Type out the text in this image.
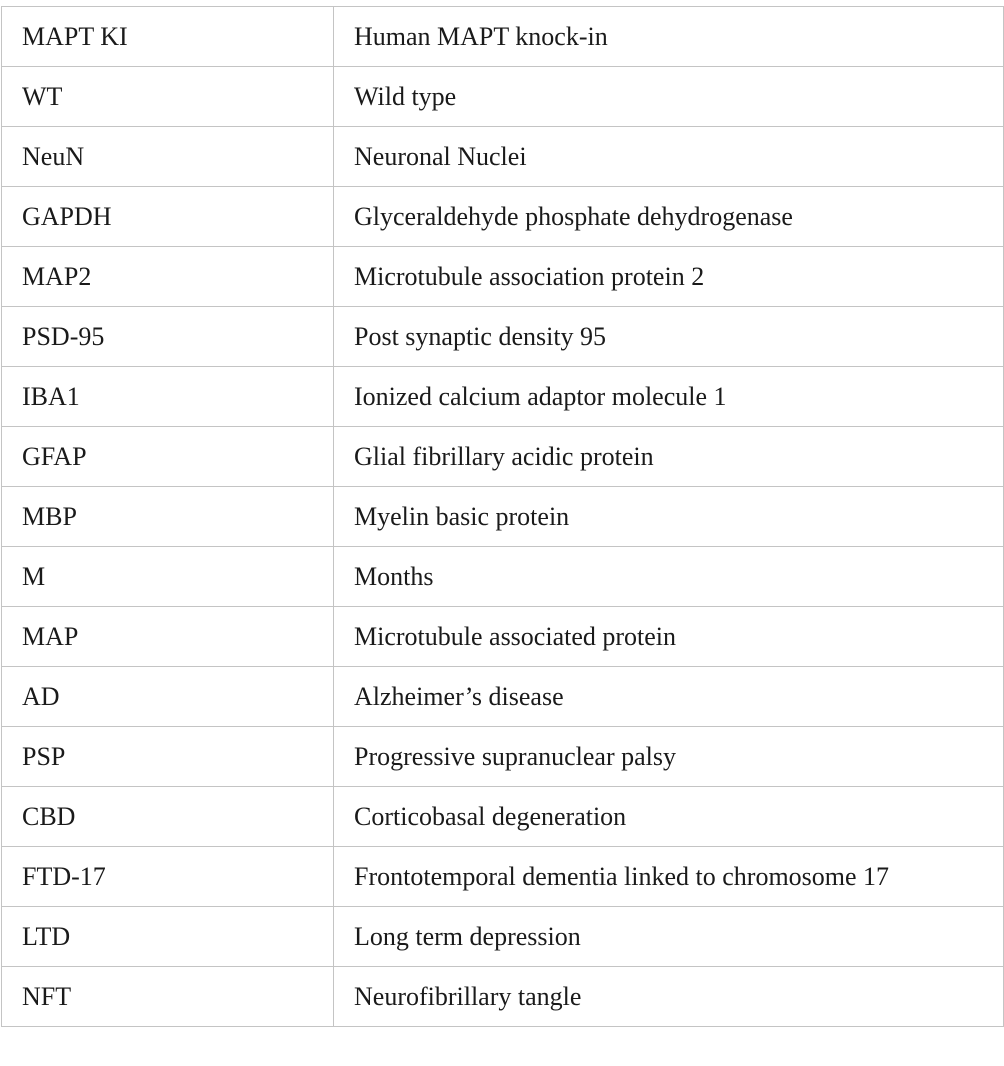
MAPT KI	Human MAPT knock-in
WT	Wild type
NeuN	Neuronal Nuclei
GAPDH	Glyceraldehyde phosphate dehydrogenase
MAP2	Microtubule association protein 2
PSD-95	Post synaptic density 95
IBA1	Ionized calcium adaptor molecule 1
GFAP	Glial fibrillary acidic protein
MBP	Myelin basic protein
M	Months
MAP	Microtubule associated protein
AD	Alzheimer’s disease
PSP	Progressive supranuclear palsy
CBD	Corticobasal degeneration
FTD-17	Frontotemporal dementia linked to chromosome 17
LTD	Long term depression
NFT	Neurofibrillary tangle
